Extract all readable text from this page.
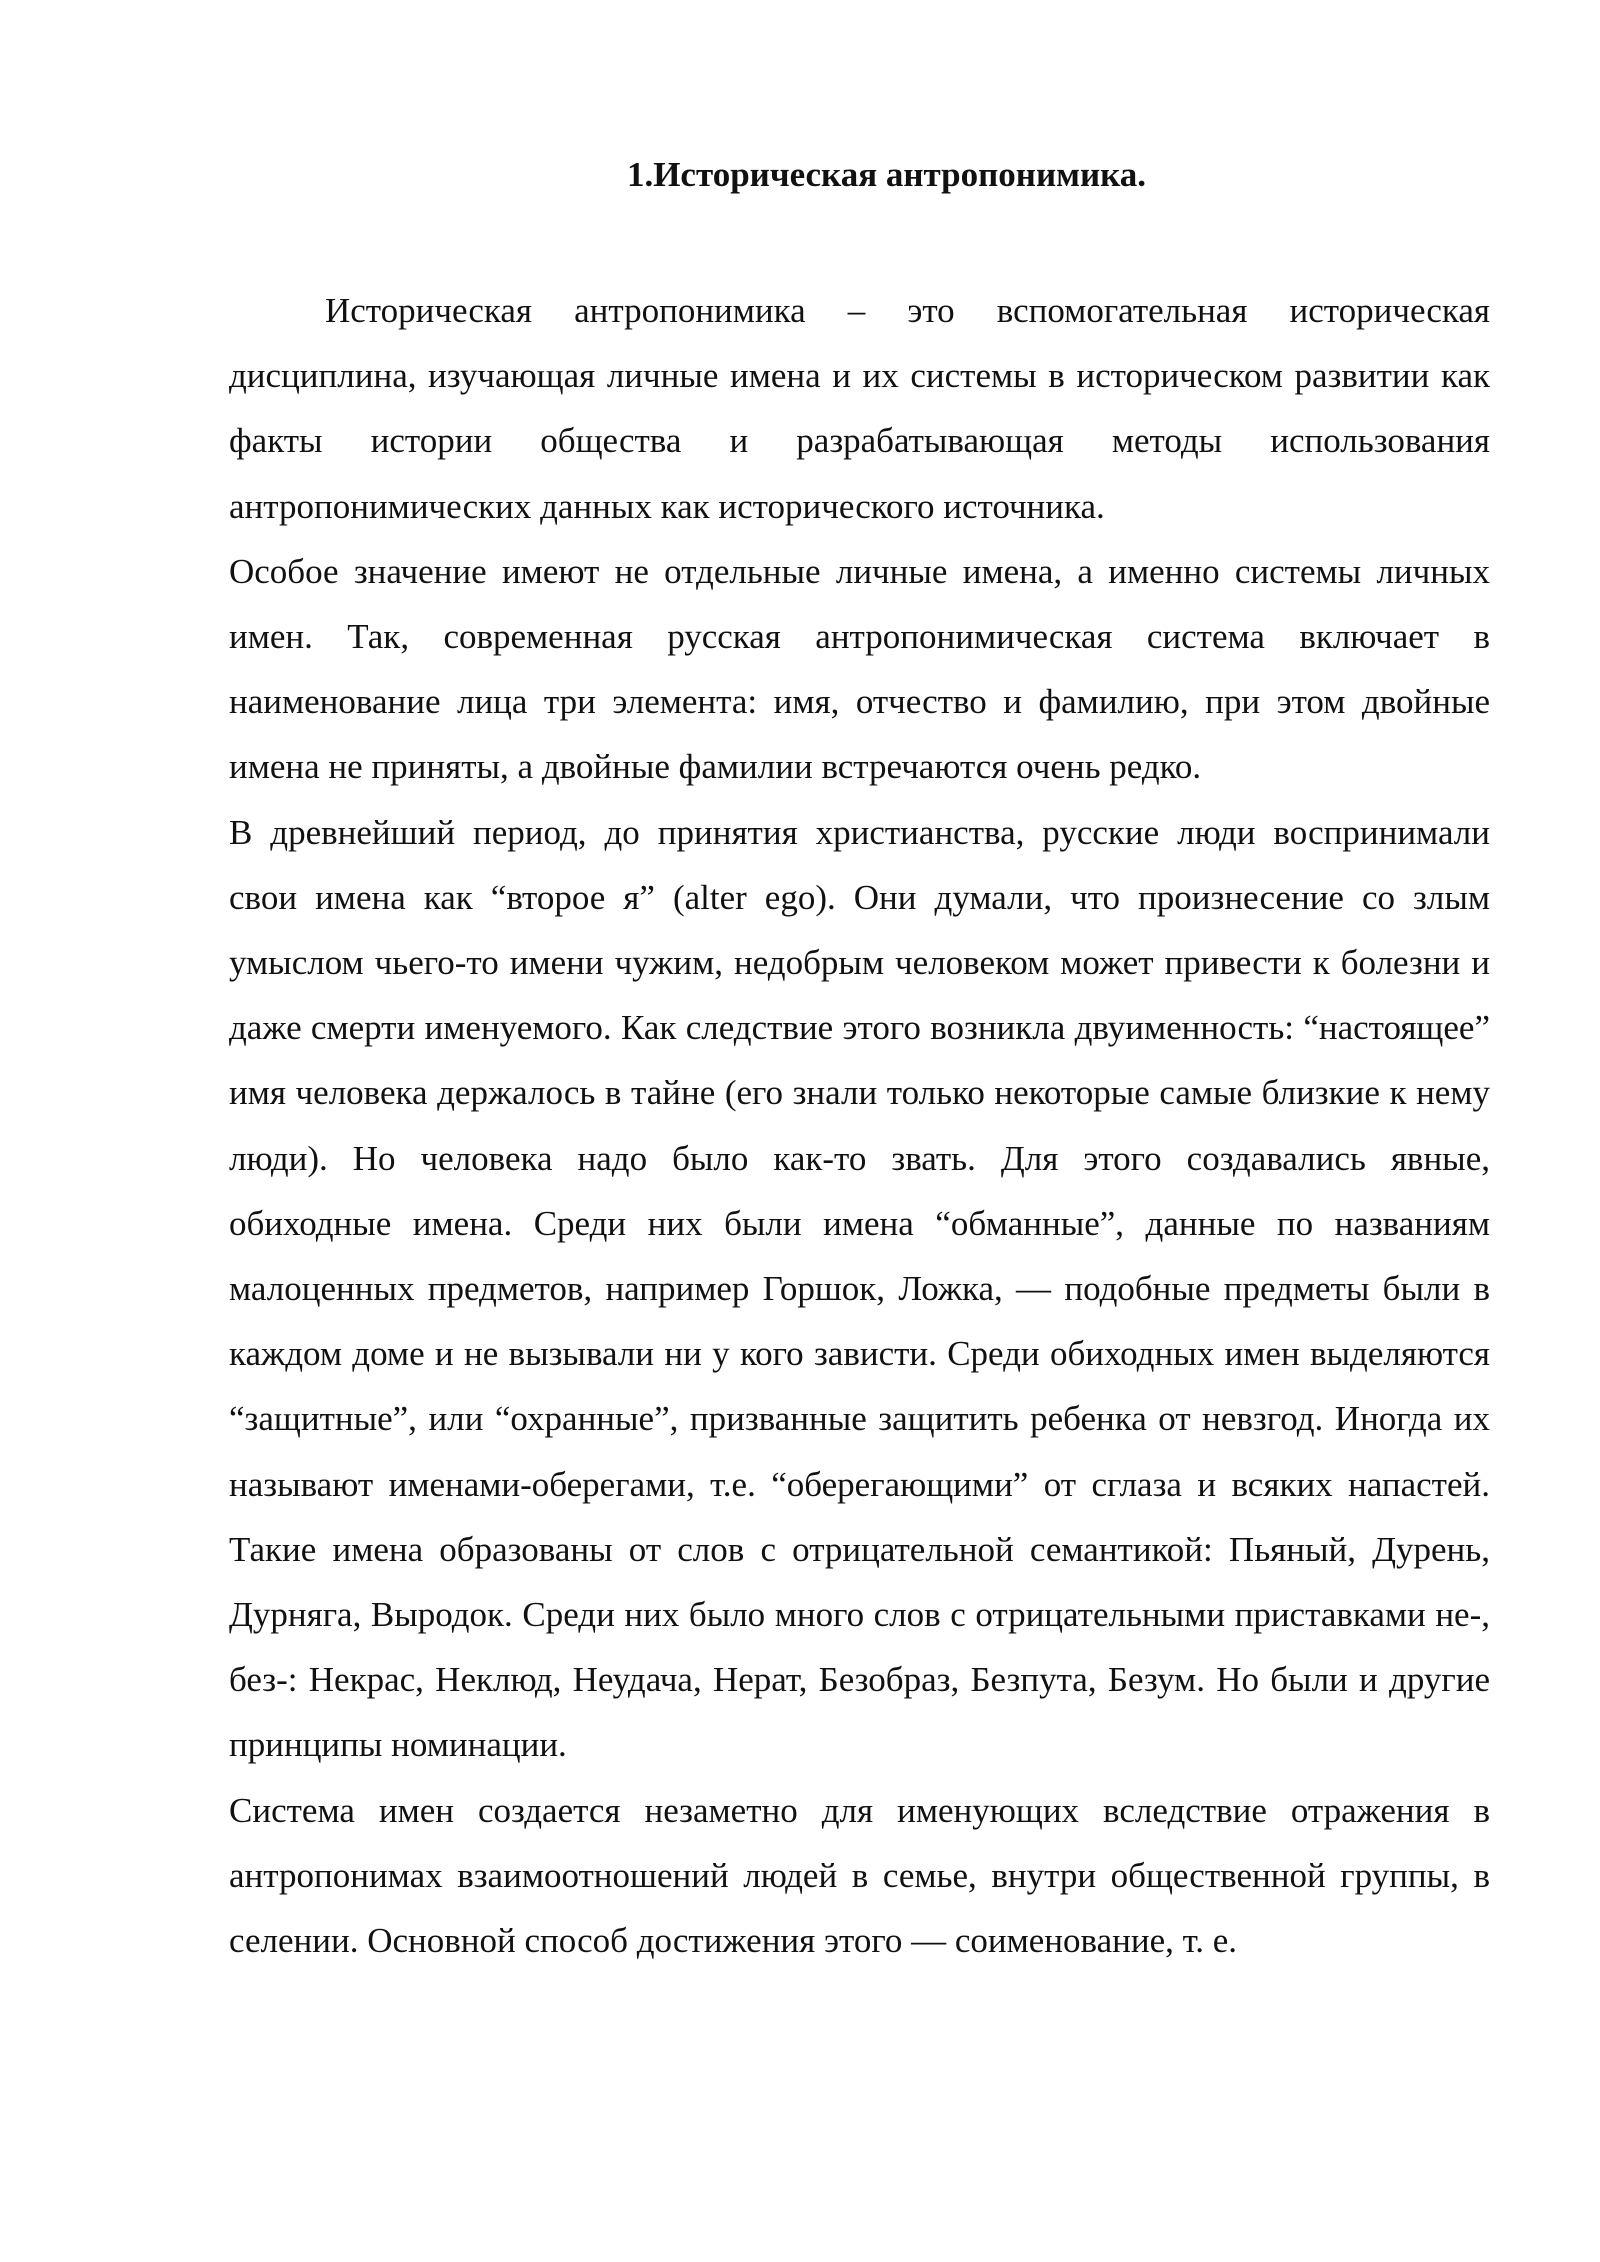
1.Историческая антропонимика.

Историческая антропонимика – это вспомогательная историческая дисциплина, изучающая личные имена и их системы в историческом развитии как факты истории общества и разрабатывающая методы использования антропонимических данных как исторического источника.

Особое значение имеют не отдельные личные имена, а именно системы личных имен. Так, современная русская антропонимическая система включает в наименование лица три элемента: имя, отчество и фамилию, при этом двойные имена не приняты, а двойные фамилии встречаются очень редко.

В древнейший период, до принятия христианства, русские люди воспринимали свои имена как “второе я” (alter ego). Они думали, что произнесение со злым умыслом чьего-то имени чужим, недобрым человеком может привести к болезни и даже смерти именуемого. Как следствие этого возникла двуименность: “настоящее” имя человека держалось в тайне (его знали только некоторые самые близкие к нему люди). Но человека надо было как-то звать. Для этого создавались явные, обиходные имена. Среди них были имена “обманные”, данные по названиям малоценных предметов, например Горшок, Ложка, — подобные предметы были в каждом доме и не вызывали ни у кого зависти. Среди обиходных имен выделяются “защитные”, или “охранные”, призванные защитить ребенка от невзгод. Иногда их называют именами-оберегами, т.е. “оберегающими” от сглаза и всяких напастей. Такие имена образованы от слов с отрицательной семантикой: Пьяный, Дурень, Дурняга, Выродок. Среди них было много слов с отрицательными приставками не-, без-: Некрас, Неклюд, Неудача, Нерат, Безобраз, Безпута, Безум. Но были и другие принципы номинации.

Система имен создается незаметно для именующих вследствие отражения в антропонимах взаимоотношений людей в семье, внутри общественной группы, в селении. Основной способ достижения этого — соименование, т. е.
